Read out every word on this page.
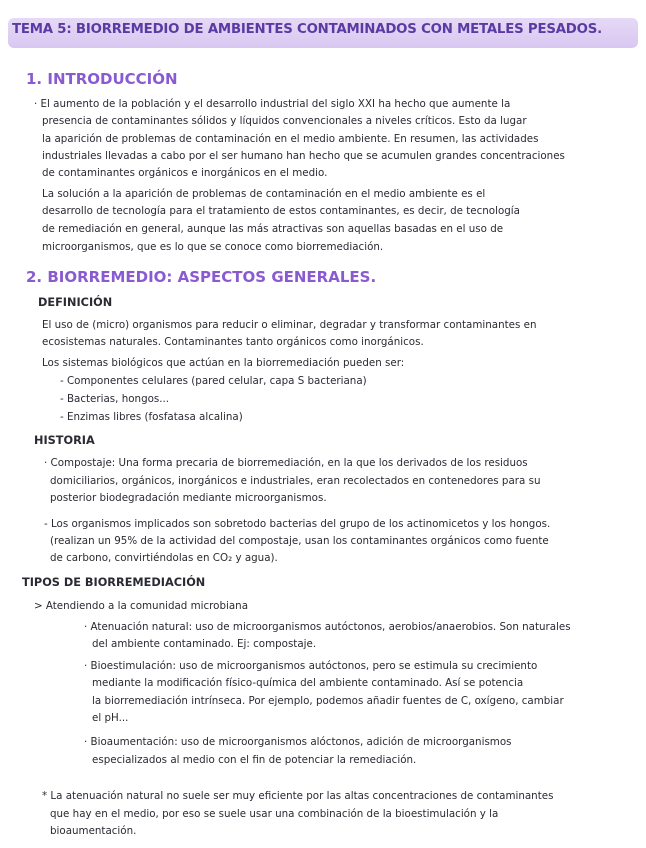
TEMA 5: BIORREMEDIO DE AMBIENTES CONTAMINADOS CON METALES PESADOS.
1. INTRODUCCIÓN
· El aumento de la población y el desarrollo industrial del siglo XXI ha hecho que aumente la
presencia de contaminantes sólidos y líquidos convencionales a niveles críticos. Esto da lugar
la aparición de problemas de contaminación en el medio ambiente. En resumen, las actividades
industriales llevadas a cabo por el ser humano han hecho que se acumulen grandes concentraciones
de contaminantes orgánicos e inorgánicos en el medio.
La solución a la aparición de problemas de contaminación en el medio ambiente es el
desarrollo de tecnología para el tratamiento de estos contaminantes, es decir, de tecnología
de remediación en general, aunque las más atractivas son aquellas basadas en el uso de
microorganismos, que es lo que se conoce como biorremediación.
2. BIORREMEDIO: ASPECTOS GENERALES.
DEFINICIÓN
El uso de (micro) organismos para reducir o eliminar, degradar y transformar contaminantes en
ecosistemas naturales. Contaminantes tanto orgánicos como inorgánicos.
Los sistemas biológicos que actúan en la biorremediación pueden ser:
- Componentes celulares (pared celular, capa S bacteriana)
- Bacterias, hongos...
- Enzimas libres (fosfatasa alcalina)
HISTORIA
· Compostaje: Una forma precaria de biorremediación, en la que los derivados de los residuos
domiciliarios, orgánicos, inorgánicos e industriales, eran recolectados en contenedores para su
posterior biodegradación mediante microorganismos.
- Los organismos implicados son sobretodo bacterias del grupo de los actinomicetos y los hongos.
(realizan un 95% de la actividad del compostaje, usan los contaminantes orgánicos como fuente
de carbono, convirtiéndolas en CO₂ y agua).
TIPOS DE BIORREMEDIACIÓN
> Atendiendo a la comunidad microbiana
· Atenuación natural: uso de microorganismos autóctonos, aerobios/anaerobios. Son naturales
del ambiente contaminado. Ej: compostaje.
· Bioestimulación: uso de microorganismos autóctonos, pero se estimula su crecimiento
mediante la modificación físico-química del ambiente contaminado. Así se potencia
la biorremediación intrínseca. Por ejemplo, podemos añadir fuentes de C, oxígeno, cambiar
el pH...
· Bioaumentación: uso de microorganismos alóctonos, adición de microorganismos
especializados al medio con el fin de potenciar la remediación.
* La atenuación natural no suele ser muy eficiente por las altas concentraciones de contaminantes
que hay en el medio, por eso se suele usar una combinación de la bioestimulación y la
bioaumentación.
